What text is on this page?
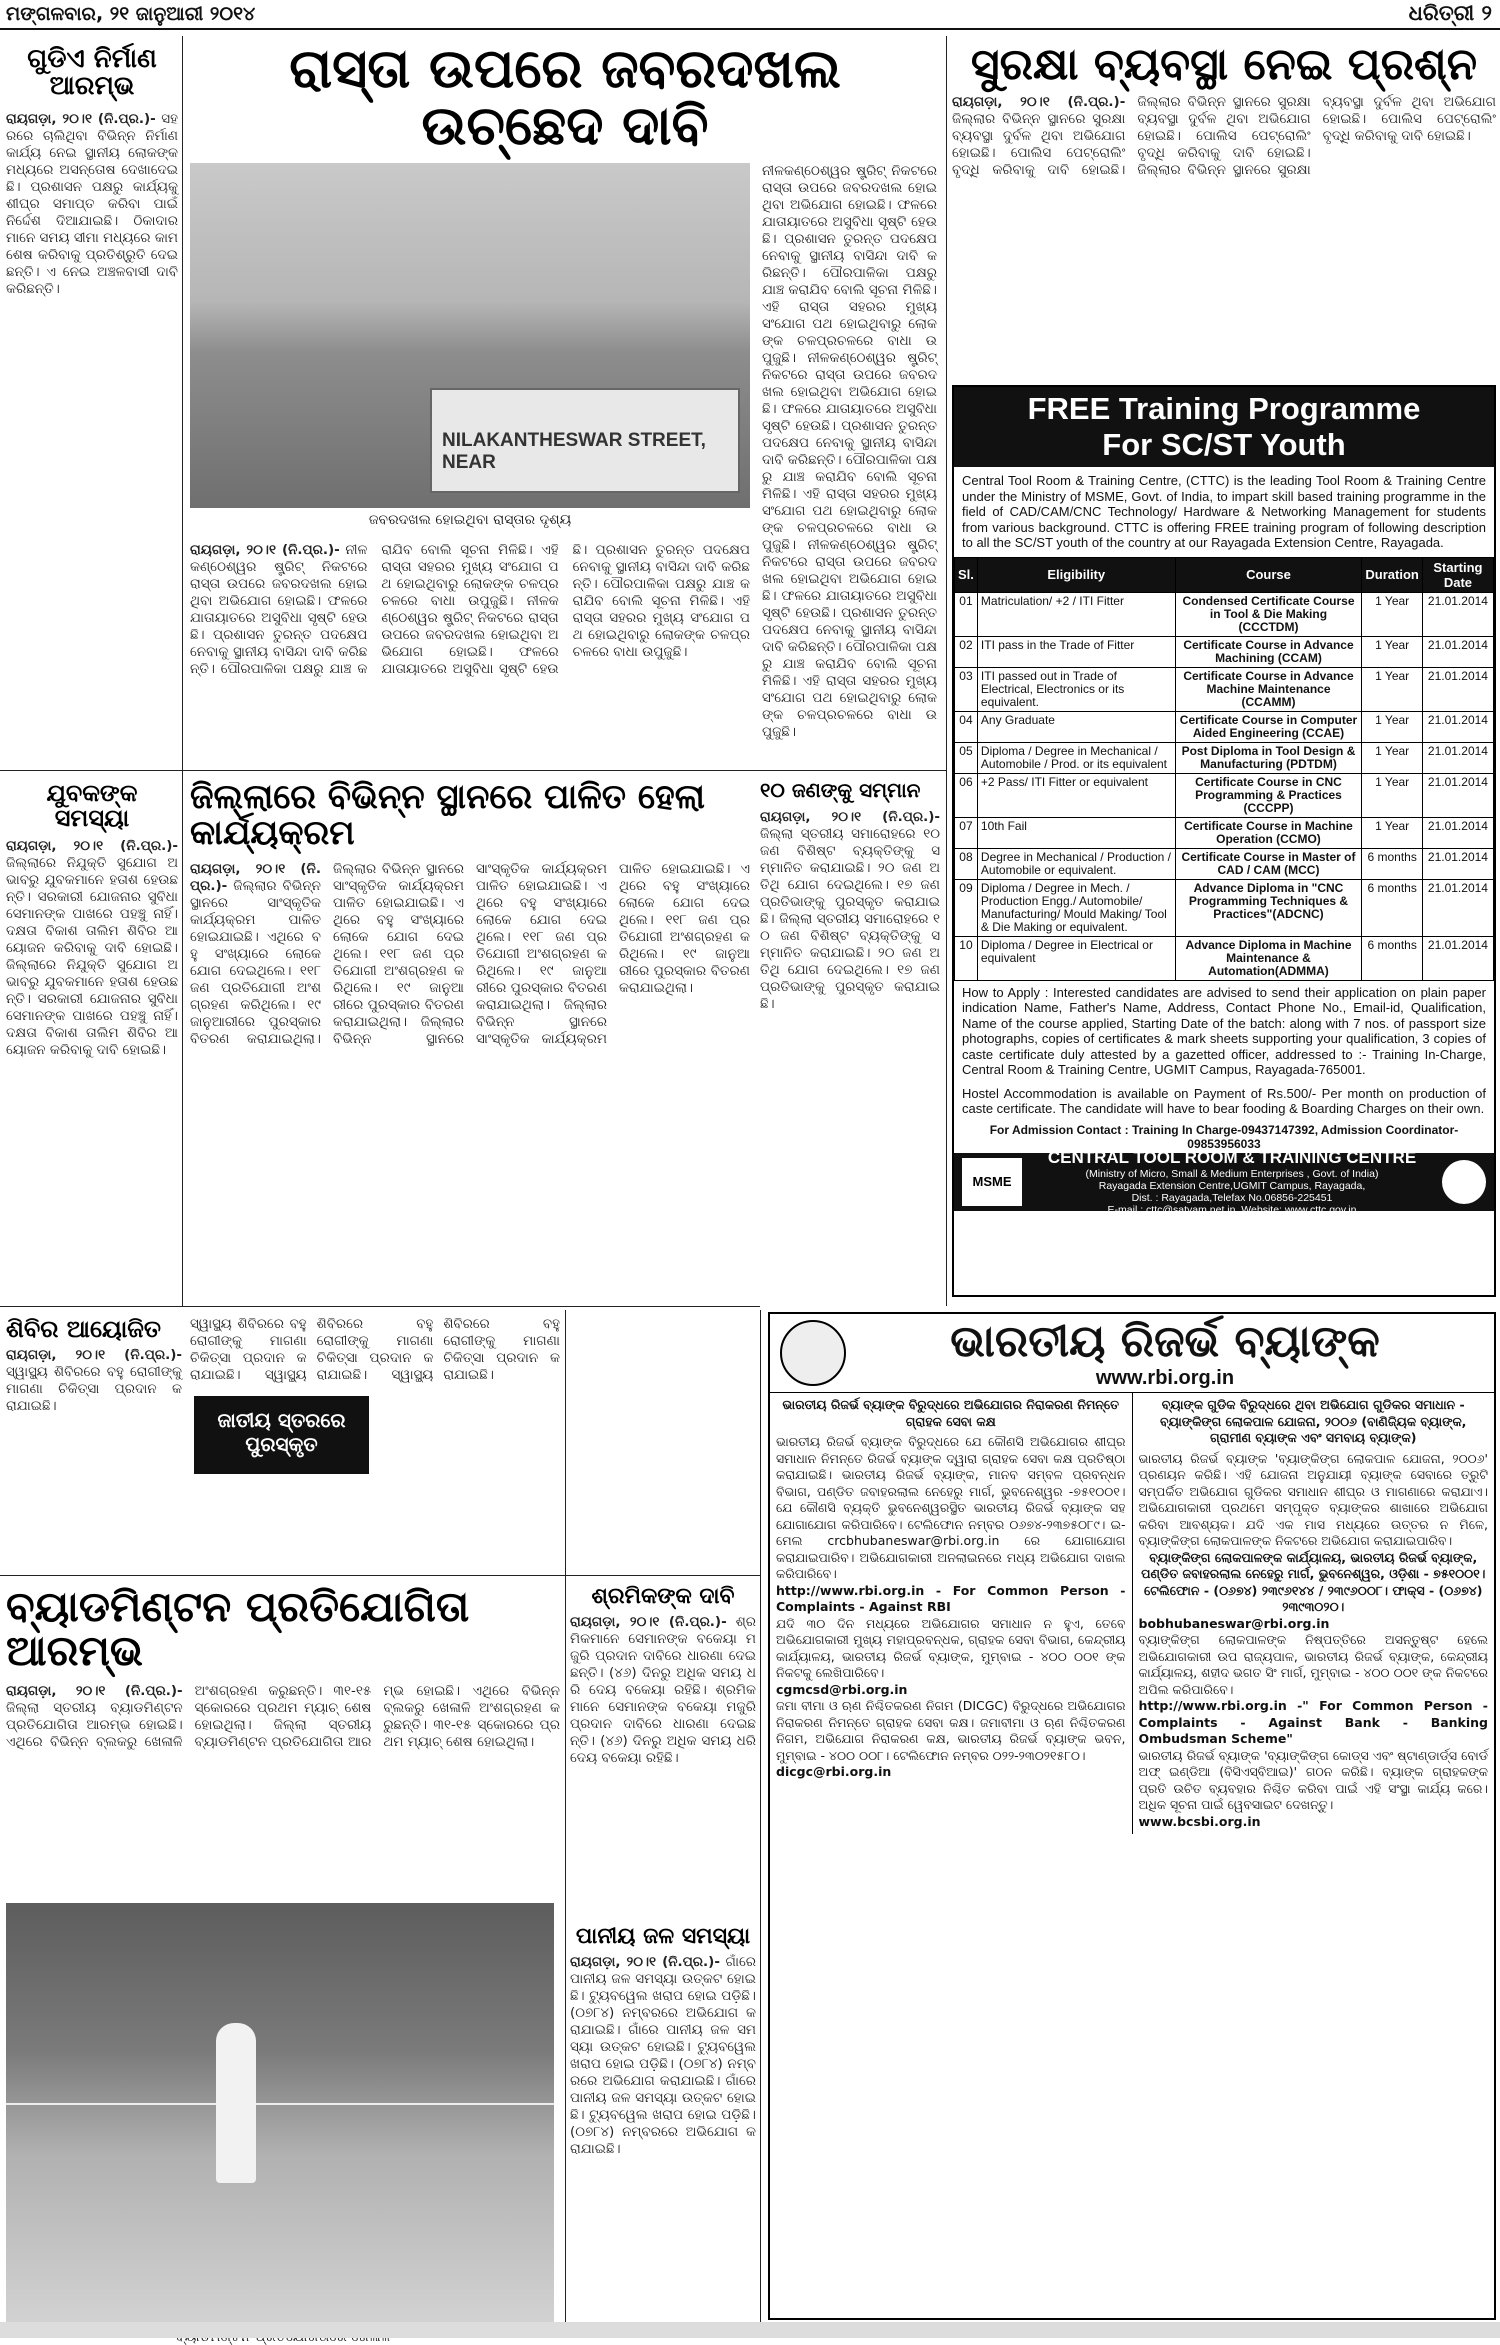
ମଙ୍ଗଳବାର, ୨୧ ଜାନୁଆରୀ ୨୦୧୪	ଧରିତ୍ରୀ ୨
ଗୁଡିଏ ନିର୍ମାଣ ଆରମ୍ଭ
ରାୟଗଡ଼ା, ୨୦।୧ (ନି.ପ୍ର.)- ସହରରେ ଚାଲିଥିବା ବିଭିନ୍ନ ନିର୍ମାଣ କାର୍ଯ୍ୟ ନେଇ ସ୍ଥାନୀୟ ଲୋକଙ୍କ ମଧ୍ୟରେ ଅସନ୍ତୋଷ ଦେଖାଦେଇଛି। ପ୍ରଶାସନ ପକ୍ଷରୁ କାର୍ଯ୍ୟକୁ ଶୀଘ୍ର ସମାପ୍ତ କରିବା ପାଇଁ ନିର୍ଦ୍ଦେଶ ଦିଆଯାଇଛି। ଠିକାଦାରମାନେ ସମୟ ସୀମା ମଧ୍ୟରେ କାମ ଶେଷ କରିବାକୁ ପ୍ରତିଶ୍ରୁତି ଦେଇଛନ୍ତି। ଏ ନେଇ ଅଞ୍ଚଳବାସୀ ଦାବି କରିଛନ୍ତି।
ରାସ୍ତା ଉପରେ ଜବରଦଖଲ ଉଚ୍ଛେଦ ଦାବି
NILAKANTHESWAR STREET, NEAR
ଜବରଦଖଲ ହୋଇଥିବା ରାସ୍ତାର ଦୃଶ୍ୟ
ରାୟଗଡ଼ା, ୨୦।୧ (ନି.ପ୍ର.)- ନୀଳକଣ୍ଠେଶ୍ୱର ଷ୍ଟ୍ରିଟ୍ ନିକଟରେ ରାସ୍ତା ଉପରେ ଜବରଦଖଲ ହୋଇଥିବା ଅଭିଯୋଗ ହୋଇଛି। ଫଳରେ ଯାତାୟାତରେ ଅସୁବିଧା ସୃଷ୍ଟି ହେଉଛି। ପ୍ରଶାସନ ତୁରନ୍ତ ପଦକ୍ଷେପ ନେବାକୁ ସ୍ଥାନୀୟ ବାସିନ୍ଦା ଦାବି କରିଛନ୍ତି। ପୌରପାଳିକା ପକ୍ଷରୁ ଯାଞ୍ଚ କରାଯିବ ବୋଲି ସୂଚନା ମିଳିଛି। ଏହି ରାସ୍ତା ସହରର ମୁଖ୍ୟ ସଂଯୋଗ ପଥ ହୋଇଥିବାରୁ ଲୋକଙ୍କ ଚଳପ୍ରଚଳରେ ବାଧା ଉପୁଜୁଛି। ନୀଳକଣ୍ଠେଶ୍ୱର ଷ୍ଟ୍ରିଟ୍ ନିକଟରେ ରାସ୍ତା ଉପରେ ଜବରଦଖଲ ହୋଇଥିବା ଅଭିଯୋଗ ହୋଇଛି। ଫଳରେ ଯାତାୟାତରେ ଅସୁବିଧା ସୃଷ୍ଟି ହେଉଛି। ପ୍ରଶାସନ ତୁରନ୍ତ ପଦକ୍ଷେପ ନେବାକୁ ସ୍ଥାନୀୟ ବାସିନ୍ଦା ଦାବି କରିଛନ୍ତି। ପୌରପାଳିକା ପକ୍ଷରୁ ଯାଞ୍ଚ କରାଯିବ ବୋଲି ସୂଚନା ମିଳିଛି। ଏହି ରାସ୍ତା ସହରର ମୁଖ୍ୟ ସଂଯୋଗ ପଥ ହୋଇଥିବାରୁ ଲୋକଙ୍କ ଚଳପ୍ରଚଳରେ ବାଧା ଉପୁଜୁଛି।
ନୀଳକଣ୍ଠେଶ୍ୱର ଷ୍ଟ୍ରିଟ୍ ନିକଟରେ ରାସ୍ତା ଉପରେ ଜବରଦଖଲ ହୋଇଥିବା ଅଭିଯୋଗ ହୋଇଛି। ଫଳରେ ଯାତାୟାତରେ ଅସୁବିଧା ସୃଷ୍ଟି ହେଉଛି। ପ୍ରଶାସନ ତୁରନ୍ତ ପଦକ୍ଷେପ ନେବାକୁ ସ୍ଥାନୀୟ ବାସିନ୍ଦା ଦାବି କରିଛନ୍ତି। ପୌରପାଳିକା ପକ୍ଷରୁ ଯାଞ୍ଚ କରାଯିବ ବୋଲି ସୂଚନା ମିଳିଛି। ଏହି ରାସ୍ତା ସହରର ମୁଖ୍ୟ ସଂଯୋଗ ପଥ ହୋଇଥିବାରୁ ଲୋକଙ୍କ ଚଳପ୍ରଚଳରେ ବାଧା ଉପୁଜୁଛି। ନୀଳକଣ୍ଠେଶ୍ୱର ଷ୍ଟ୍ରିଟ୍ ନିକଟରେ ରାସ୍ତା ଉପରେ ଜବରଦଖଲ ହୋଇଥିବା ଅଭିଯୋଗ ହୋଇଛି। ଫଳରେ ଯାତାୟାତରେ ଅସୁବିଧା ସୃଷ୍ଟି ହେଉଛି। ପ୍ରଶାସନ ତୁରନ୍ତ ପଦକ୍ଷେପ ନେବାକୁ ସ୍ଥାନୀୟ ବାସିନ୍ଦା ଦାବି କରିଛନ୍ତି। ପୌରପାଳିକା ପକ୍ଷରୁ ଯାଞ୍ଚ କରାଯିବ ବୋଲି ସୂଚନା ମିଳିଛି। ଏହି ରାସ୍ତା ସହରର ମୁଖ୍ୟ ସଂଯୋଗ ପଥ ହୋଇଥିବାରୁ ଲୋକଙ୍କ ଚଳପ୍ରଚଳରେ ବାଧା ଉପୁଜୁଛି। ନୀଳକଣ୍ଠେଶ୍ୱର ଷ୍ଟ୍ରିଟ୍ ନିକଟରେ ରାସ୍ତା ଉପରେ ଜବରଦଖଲ ହୋଇଥିବା ଅଭିଯୋଗ ହୋଇଛି। ଫଳରେ ଯାତାୟାତରେ ଅସୁବିଧା ସୃଷ୍ଟି ହେଉଛି। ପ୍ରଶାସନ ତୁରନ୍ତ ପଦକ୍ଷେପ ନେବାକୁ ସ୍ଥାନୀୟ ବାସିନ୍ଦା ଦାବି କରିଛନ୍ତି। ପୌରପାଳିକା ପକ୍ଷରୁ ଯାଞ୍ଚ କରାଯିବ ବୋଲି ସୂଚନା ମିଳିଛି। ଏହି ରାସ୍ତା ସହରର ମୁଖ୍ୟ ସଂଯୋଗ ପଥ ହୋଇଥିବାରୁ ଲୋକଙ୍କ ଚଳପ୍ରଚଳରେ ବାଧା ଉପୁଜୁଛି।
ସୁରକ୍ଷା ବ୍ୟବସ୍ଥା ନେଇ ପ୍ରଶ୍ନ
ରାୟଗଡ଼ା, ୨୦।୧ (ନି.ପ୍ର.)- ଜିଲ୍ଲାର ବିଭିନ୍ନ ସ୍ଥାନରେ ସୁରକ୍ଷା ବ୍ୟବସ୍ଥା ଦୁର୍ବଳ ଥିବା ଅଭିଯୋଗ ହୋଇଛି। ପୋଲିସ ପେଟ୍ରୋଲିଂ ବୃଦ୍ଧି କରିବାକୁ ଦାବି ହୋଇଛି। ଜିଲ୍ଲାର ବିଭିନ୍ନ ସ୍ଥାନରେ ସୁରକ୍ଷା ବ୍ୟବସ୍ଥା ଦୁର୍ବଳ ଥିବା ଅଭିଯୋଗ ହୋଇଛି। ପୋଲିସ ପେଟ୍ରୋଲିଂ ବୃଦ୍ଧି କରିବାକୁ ଦାବି ହୋଇଛି। ଜିଲ୍ଲାର ବିଭିନ୍ନ ସ୍ଥାନରେ ସୁରକ୍ଷା ବ୍ୟବସ୍ଥା ଦୁର୍ବଳ ଥିବା ଅଭିଯୋଗ ହୋଇଛି। ପୋଲିସ ପେଟ୍ରୋଲିଂ ବୃଦ୍ଧି କରିବାକୁ ଦାବି ହୋଇଛି।
FREE Training Programme
For SC/ST Youth
Central Tool Room & Training Centre, (CTTC) is the leading Tool Room & Training Centre under the Ministry of MSME, Govt. of India, to impart skill based training programme in the field of CAD/CAM/CNC Technology/ Hardware & Networking Management for students from various background. CTTC is offering FREE training program of following description to all the SC/ST youth of the country at our Rayagada Extension Centre, Rayagada.
Sl.	Eligibility	Course	Duration	Starting Date
01	Matriculation/ +2 / ITI Fitter	Condensed Certificate Course in Tool & Die Making (CCCTDM)	1 Year	21.01.2014
02	ITI pass in the Trade of Fitter	Certificate Course in Advance Machining (CCAM)	1 Year	21.01.2014
03	ITI passed out in Trade of Electrical, Electronics or its equivalent.	Certificate Course in Advance Machine Maintenance (CCAMM)	1 Year	21.01.2014
04	Any Graduate	Certificate Course in Computer Aided Engineering (CCAE)	1 Year	21.01.2014
05	Diploma / Degree in Mechanical / Automobile / Prod. or its equivalent	Post Diploma in Tool Design & Manufacturing (PDTDM)	1 Year	21.01.2014
06	+2 Pass/ ITI Fitter or equivalent	Certificate Course in CNC Programming & Practices (CCCPP)	1 Year	21.01.2014
07	10th Fail	Certificate Course in Machine Operation (CCMO)	1 Year	21.01.2014
08	Degree in Mechanical / Production / Automobile or equivalent.	Certificate Course in Master of CAD / CAM (MCC)	6 months	21.01.2014
09	Diploma / Degree in Mech. / Production Engg./ Automobile/ Manufacturing/ Mould Making/ Tool & Die Making or equivalent.	Advance Diploma in "CNC Programming Techniques & Practices"(ADCNC)	6 months	21.01.2014
10	Diploma / Degree in Electrical or equivalent	Advance Diploma in Machine Maintenance & Automation(ADMMA)	6 months	21.01.2014
How to Apply : Interested candidates are advised to send their application on plain paper indication Name, Father's Name, Address, Contact Phone No., Email-id, Qualification, Name of the course applied, Starting Date of the batch: along with 7 nos. of passport size photographs, copies of certificates & mark sheets supporting your qualification, 3 copies of caste certificate duly attested by a gazetted officer, addressed to :- Training In-Charge, Central Room & Training Centre, UGMIT Campus, Rayagada-765001.
Hostel Accommodation is available on Payment of Rs.500/- Per month on production of caste certificate. The candidate will have to bear fooding & Boarding Charges on their own.
For Admission Contact : Training In Charge-09437147392, Admission Coordinator-09853956033
MSME
CENTRAL TOOL ROOM & TRAINING CENTRE
(Ministry of Micro, Small & Medium Enterprises , Govt. of India)
Rayagada Extension Centre,UGMIT Campus, Rayagada,
Dist. : Rayagada,Telefax No.06856-225451
E-mail : cttc@satyam.net.in, Website: www.cttc.gov.in
ଯୁବକଙ୍କ ସମସ୍ୟା
ରାୟଗଡ଼ା, ୨୦।୧ (ନି.ପ୍ର.)- ଜିଲ୍ଲାରେ ନିଯୁକ୍ତି ସୁଯୋଗ ଅଭାବରୁ ଯୁବକମାନେ ହତାଶ ହେଉଛନ୍ତି। ସରକାରୀ ଯୋଜନାର ସୁବିଧା ସେମାନଙ୍କ ପାଖରେ ପହଞ୍ଚୁ ନାହିଁ। ଦକ୍ଷତା ବିକାଶ ତାଲିମ ଶିବିର ଆୟୋଜନ କରିବାକୁ ଦାବି ହୋଇଛି। ଜିଲ୍ଲାରେ ନିଯୁକ୍ତି ସୁଯୋଗ ଅଭାବରୁ ଯୁବକମାନେ ହତାଶ ହେଉଛନ୍ତି। ସରକାରୀ ଯୋଜନାର ସୁବିଧା ସେମାନଙ୍କ ପାଖରେ ପହଞ୍ଚୁ ନାହିଁ। ଦକ୍ଷତା ବିକାଶ ତାଲିମ ଶିବିର ଆୟୋଜନ କରିବାକୁ ଦାବି ହୋଇଛି।
ଜିଲ୍ଲାରେ ବିଭିନ୍ନ ସ୍ଥାନରେ ପାଳିତ ହେଲା କାର୍ଯ୍ୟକ୍ରମ
ରାୟଗଡ଼ା, ୨୦।୧ (ନି.ପ୍ର.)- ଜିଲ୍ଲାର ବିଭିନ୍ନ ସ୍ଥାନରେ ସାଂସ୍କୃତିକ କାର୍ଯ୍ୟକ୍ରମ ପାଳିତ ହୋଇଯାଇଛି। ଏଥିରେ ବହୁ ସଂଖ୍ୟାରେ ଲୋକେ ଯୋଗ ଦେଇଥିଲେ। ୧୧୮ ଜଣ ପ୍ରତିଯୋଗୀ ଅଂଶଗ୍ରହଣ କରିଥିଲେ। ୧୯ ଜାନୁଆରୀରେ ପୁରସ୍କାର ବିତରଣ କରାଯାଇଥିଲା। ଜିଲ୍ଲାର ବିଭିନ୍ନ ସ୍ଥାନରେ ସାଂସ୍କୃତିକ କାର୍ଯ୍ୟକ୍ରମ ପାଳିତ ହୋଇଯାଇଛି। ଏଥିରେ ବହୁ ସଂଖ୍ୟାରେ ଲୋକେ ଯୋଗ ଦେଇଥିଲେ। ୧୧୮ ଜଣ ପ୍ରତିଯୋଗୀ ଅଂଶଗ୍ରହଣ କରିଥିଲେ। ୧୯ ଜାନୁଆରୀରେ ପୁରସ୍କାର ବିତରଣ କରାଯାଇଥିଲା। ଜିଲ୍ଲାର ବିଭିନ୍ନ ସ୍ଥାନରେ ସାଂସ୍କୃତିକ କାର୍ଯ୍ୟକ୍ରମ ପାଳିତ ହୋଇଯାଇଛି। ଏଥିରେ ବହୁ ସଂଖ୍ୟାରେ ଲୋକେ ଯୋଗ ଦେଇଥିଲେ। ୧୧୮ ଜଣ ପ୍ରତିଯୋଗୀ ଅଂଶଗ୍ରହଣ କରିଥିଲେ। ୧୯ ଜାନୁଆରୀରେ ପୁରସ୍କାର ବିତରଣ କରାଯାଇଥିଲା। ଜିଲ୍ଲାର ବିଭିନ୍ନ ସ୍ଥାନରେ ସାଂସ୍କୃତିକ କାର୍ଯ୍ୟକ୍ରମ ପାଳିତ ହୋଇଯାଇଛି। ଏଥିରେ ବହୁ ସଂଖ୍ୟାରେ ଲୋକେ ଯୋଗ ଦେଇଥିଲେ। ୧୧୮ ଜଣ ପ୍ରତିଯୋଗୀ ଅଂଶଗ୍ରହଣ କରିଥିଲେ। ୧୯ ଜାନୁଆରୀରେ ପୁରସ୍କାର ବିତରଣ କରାଯାଇଥିଲା।
୧୦ ଜଣଙ୍କୁ ସମ୍ମାନ
ରାୟଗଡ଼ା, ୨୦।୧ (ନି.ପ୍ର.)- ଜିଲ୍ଲା ସ୍ତରୀୟ ସମାରୋହରେ ୧୦ ଜଣ ବିଶିଷ୍ଟ ବ୍ୟକ୍ତିଙ୍କୁ ସମ୍ମାନିତ କରାଯାଇଛି। ୨୦ ଜଣ ଅତିଥି ଯୋଗ ଦେଇଥିଲେ। ୧୭ ଜଣ ପ୍ରତିଭାଙ୍କୁ ପୁରସ୍କୃତ କରାଯାଇଛି। ଜିଲ୍ଲା ସ୍ତରୀୟ ସମାରୋହରେ ୧୦ ଜଣ ବିଶିଷ୍ଟ ବ୍ୟକ୍ତିଙ୍କୁ ସମ୍ମାନିତ କରାଯାଇଛି। ୨୦ ଜଣ ଅତିଥି ଯୋଗ ଦେଇଥିଲେ। ୧୭ ଜଣ ପ୍ରତିଭାଙ୍କୁ ପୁରସ୍କୃତ କରାଯାଇଛି।
ଶିବିର ଆୟୋଜିତ
ରାୟଗଡ଼ା, ୨୦।୧ (ନି.ପ୍ର.)- ସ୍ୱାସ୍ଥ୍ୟ ଶିବିରରେ ବହୁ ରୋଗୀଙ୍କୁ ମାଗଣା ଚିକିତ୍ସା ପ୍ରଦାନ କରାଯାଇଛି।
ସ୍ୱାସ୍ଥ୍ୟ ଶିବିରରେ ବହୁ ରୋଗୀଙ୍କୁ ମାଗଣା ଚିକିତ୍ସା ପ୍ରଦାନ କରାଯାଇଛି। ସ୍ୱାସ୍ଥ୍ୟ ଶିବିରରେ ବହୁ ରୋଗୀଙ୍କୁ ମାଗଣା ଚିକିତ୍ସା ପ୍ରଦାନ କରାଯାଇଛି। ସ୍ୱାସ୍ଥ୍ୟ ଶିବିରରେ ବହୁ ରୋଗୀଙ୍କୁ ମାଗଣା ଚିକିତ୍ସା ପ୍ରଦାନ କରାଯାଇଛି।
ଜାତୀୟ ସ୍ତରରେ ପୁରସ୍କୃତ
ବ୍ୟାଡମିଣ୍ଟନ ପ୍ରତିଯୋଗିତା ଆରମ୍ଭ
ରାୟଗଡ଼ା, ୨୦।୧ (ନି.ପ୍ର.)- ଜିଲ୍ଲା ସ୍ତରୀୟ ବ୍ୟାଡମିଣ୍ଟନ ପ୍ରତିଯୋଗିତା ଆରମ୍ଭ ହୋଇଛି। ଏଥିରେ ବିଭିନ୍ନ ବ୍ଲକରୁ ଖେଳାଳି ଅଂଶଗ୍ରହଣ କରୁଛନ୍ତି। ୩୧-୧୫ ସ୍କୋରରେ ପ୍ରଥମ ମ୍ୟାଚ୍ ଶେଷ ହୋଇଥିଲା। ଜିଲ୍ଲା ସ୍ତରୀୟ ବ୍ୟାଡମିଣ୍ଟନ ପ୍ରତିଯୋଗିତା ଆରମ୍ଭ ହୋଇଛି। ଏଥିରେ ବିଭିନ୍ନ ବ୍ଲକରୁ ଖେଳାଳି ଅଂଶଗ୍ରହଣ କରୁଛନ୍ତି। ୩୧-୧୫ ସ୍କୋରରେ ପ୍ରଥମ ମ୍ୟାଚ୍ ଶେଷ ହୋଇଥିଲା।
ଶ୍ରମିକଙ୍କ ଦାବି
ରାୟଗଡ଼ା, ୨୦।୧ (ନି.ପ୍ର.)- ଶ୍ରମିକମାନେ ସେମାନଙ୍କ ବକେୟା ମଜୁରି ପ୍ରଦାନ ଦାବିରେ ଧାରଣା ଦେଇଛନ୍ତି। (୪୬) ଦିନରୁ ଅଧିକ ସମୟ ଧରି ଦେୟ ବକେୟା ରହିଛି। ଶ୍ରମିକମାନେ ସେମାନଙ୍କ ବକେୟା ମଜୁରି ପ୍ରଦାନ ଦାବିରେ ଧାରଣା ଦେଇଛନ୍ତି। (୪୬) ଦିନରୁ ଅଧିକ ସମୟ ଧରି ଦେୟ ବକେୟା ରହିଛି।
ପାନୀୟ ଜଳ ସମସ୍ୟା
ରାୟଗଡ଼ା, ୨୦।୧ (ନି.ପ୍ର.)- ଗାଁରେ ପାନୀୟ ଜଳ ସମସ୍ୟା ଉତ୍କଟ ହୋଇଛି। ଟ୍ୟୁବୱେଲ ଖରାପ ହୋଇ ପଡ଼ିଛି। (୦୭୮୪) ନମ୍ବରରେ ଅଭିଯୋଗ କରାଯାଇଛି। ଗାଁରେ ପାନୀୟ ଜଳ ସମସ୍ୟା ଉତ୍କଟ ହୋଇଛି। ଟ୍ୟୁବୱେଲ ଖରାପ ହୋଇ ପଡ଼ିଛି। (୦୭୮୪) ନମ୍ବରରେ ଅଭିଯୋଗ କରାଯାଇଛି। ଗାଁରେ ପାନୀୟ ଜଳ ସମସ୍ୟା ଉତ୍କଟ ହୋଇଛି। ଟ୍ୟୁବୱେଲ ଖରାପ ହୋଇ ପଡ଼ିଛି। (୦୭୮୪) ନମ୍ବରରେ ଅଭିଯୋଗ କରାଯାଇଛି।
ଭାରତୀୟ ରିଜର୍ଭ ବ୍ୟାଙ୍କ
www.rbi.org.in
ଭାରତୀୟ ରିଜର୍ଭ ବ୍ୟାଙ୍କ ବିରୁଦ୍ଧରେ ଅଭିଯୋଗର ନିରାକରଣ ନିମନ୍ତେ ଗ୍ରାହକ ସେବା କକ୍ଷ
ଭାରତୀୟ ରିଜର୍ଭ ବ୍ୟାଙ୍କ ବିରୁଦ୍ଧରେ ଯେ କୌଣସି ଅଭିଯୋଗର ଶୀଘ୍ର ସମାଧାନ ନିମନ୍ତେ ରିଜର୍ଭ ବ୍ୟାଙ୍କ ଦ୍ୱାରା ଗ୍ରାହକ ସେବା କକ୍ଷ ପ୍ରତିଷ୍ଠା କରାଯାଇଛି। ଭାରତୀୟ ରିଜର୍ଭ ବ୍ୟାଙ୍କ, ମାନବ ସମ୍ବଳ ପ୍ରବନ୍ଧନ ବିଭାଗ, ପଣ୍ଡିତ ଜବାହରଲାଲ ନେହେରୁ ମାର୍ଗ, ଭୁବନେଶ୍ୱର -୭୫୧୦୦୧। ଯେ କୌଣସି ବ୍ୟକ୍ତି ଭୁବନେଶ୍ୱରସ୍ଥିତ ଭାରତୀୟ ରିଜର୍ଭ ବ୍ୟାଙ୍କ ସହ ଯୋଗାଯୋଗ କରିପାରିବେ। ଟେଲିଫୋନ ନମ୍ବର ୦୬୭୪-୨୩୭୫୦୮୯। ଇ-ମେଲ crcbhubaneswar@rbi.org.in ରେ ଯୋଗାଯୋଗ କରାଯାଇପାରିବ। ଅଭିଯୋଗକାରୀ ଅନଲାଇନରେ ମଧ୍ୟ ଅଭିଯୋଗ ଦାଖଲ କରିପାରିବେ।
http://www.rbi.org.in - For Common Person - Complaints - Against RBI
ଯଦି ୩୦ ଦିନ ମଧ୍ୟରେ ଅଭିଯୋଗର ସମାଧାନ ନ ହୁଏ, ତେବେ ଅଭିଯୋଗକାରୀ ମୁଖ୍ୟ ମହାପ୍ରବନ୍ଧକ, ଗ୍ରାହକ ସେବା ବିଭାଗ, କେନ୍ଦ୍ରୀୟ କାର୍ଯ୍ୟାଳୟ, ଭାରତୀୟ ରିଜର୍ଭ ବ୍ୟାଙ୍କ, ମୁମ୍ବାଇ - ୪୦୦ ୦୦୧ ଙ୍କ ନିକଟକୁ ଲେଖିପାରିବେ।
cgmcsd@rbi.org.in
ଜମା ବୀମା ଓ ଋଣ ନିଶ୍ଚିତକରଣ ନିଗମ (DICGC) ବିରୁଦ୍ଧରେ ଅଭିଯୋଗର ନିରାକରଣ ନିମନ୍ତେ ଗ୍ରାହକ ସେବା କକ୍ଷ। ଜମାବୀମା ଓ ଋଣ ନିଶ୍ଚିତକରଣ ନିଗମ, ଅଭିଯୋଗ ନିରାକରଣ କକ୍ଷ, ଭାରତୀୟ ରିଜର୍ଭ ବ୍ୟାଙ୍କ ଭବନ, ମୁମ୍ବାଇ - ୪୦୦ ୦୦୮। ଟେଲିଫୋନ ନମ୍ବର ୦୨୨-୨୩୦୨୧୫୮୦।
dicgc@rbi.org.in
ବ୍ୟାଙ୍କ ଗୁଡିକ ବିରୁଦ୍ଧରେ ଥିବା ଅଭିଯୋଗ ଗୁଡିକର ସମାଧାନ - ବ୍ୟାଙ୍କିଙ୍ଗ ଲୋକପାଳ ଯୋଜନା, ୨୦୦୬ (ବାଣିଜ୍ୟିକ ବ୍ୟାଙ୍କ, ଗ୍ରାମୀଣ ବ୍ୟାଙ୍କ ଏବଂ ସମବାୟ ବ୍ୟାଙ୍କ)
ଭାରତୀୟ ରିଜର୍ଭ ବ୍ୟାଙ୍କ 'ବ୍ୟାଙ୍କିଙ୍ଗ ଲୋକପାଳ ଯୋଜନା, ୨୦୦୬' ପ୍ରଣୟନ କରିଛି। ଏହି ଯୋଜନା ଅନୁଯାୟୀ ବ୍ୟାଙ୍କ ସେବାରେ ତ୍ରୁଟି ସମ୍ପର୍କିତ ଅଭିଯୋଗ ଗୁଡିକର ସମାଧାନ ଶୀଘ୍ର ଓ ମାଗଣାରେ କରାଯାଏ। ଅଭିଯୋଗକାରୀ ପ୍ରଥମେ ସମ୍ପୃକ୍ତ ବ୍ୟାଙ୍କର ଶାଖାରେ ଅଭିଯୋଗ କରିବା ଆବଶ୍ୟକ। ଯଦି ଏକ ମାସ ମଧ୍ୟରେ ଉତ୍ତର ନ ମିଳେ, ବ୍ୟାଙ୍କିଙ୍ଗ ଲୋକପାଳଙ୍କ ନିକଟରେ ଅଭିଯୋଗ କରାଯାଇପାରିବ।
ବ୍ୟାଙ୍କିଙ୍ଗ ଲୋକପାଳଙ୍କ କାର୍ଯ୍ୟାଳୟ, ଭାରତୀୟ ରିଜର୍ଭ ବ୍ୟାଙ୍କ, ପଣ୍ଡିତ ଜବାହରଲାଲ ନେହେରୁ ମାର୍ଗ, ଭୁବନେଶ୍ୱର, ଓଡ଼ିଶା - ୭୫୧୦୦୧। ଟେଲିଫୋନ - (୦୬୭୪) ୨୩୯୬୧୪୪ / ୨୩୯୬୦୦୮। ଫାକ୍ସ - (୦୬୭୪) ୨୩୯୩୦୨୦।
bobhubaneswar@rbi.org.in
ବ୍ୟାଙ୍କିଙ୍ଗ ଲୋକପାଳଙ୍କ ନିଷ୍ପତ୍ତିରେ ଅସନ୍ତୁଷ୍ଟ ହେଲେ ଅଭିଯୋଗକାରୀ ଉପ ରାଜ୍ୟପାଳ, ଭାରତୀୟ ରିଜର୍ଭ ବ୍ୟାଙ୍କ, କେନ୍ଦ୍ରୀୟ କାର୍ଯ୍ୟାଳୟ, ଶହୀଦ ଭଗତ ସିଂ ମାର୍ଗ, ମୁମ୍ବାଇ - ୪୦୦ ୦୦୧ ଙ୍କ ନିକଟରେ ଅପିଲ କରିପାରିବେ।
http://www.rbi.org.in -" For Common Person - Complaints - Against Bank - Banking Ombudsman Scheme"
ଭାରତୀୟ ରିଜର୍ଭ ବ୍ୟାଙ୍କ 'ବ୍ୟାଙ୍କିଙ୍ଗ କୋଡ୍ସ ଏବଂ ଷ୍ଟାଣ୍ଡାର୍ଡ୍ସ ବୋର୍ଡ ଅଫ୍ ଇଣ୍ଡିଆ (ବିସିଏସ୍‌ବିଆଇ)' ଗଠନ କରିଛି। ବ୍ୟାଙ୍କ ଗ୍ରାହକଙ୍କ ପ୍ରତି ଉଚିତ ବ୍ୟବହାର ନିଶ୍ଚିତ କରିବା ପାଇଁ ଏହି ସଂସ୍ଥା କାର୍ଯ୍ୟ କରେ। ଅଧିକ ସୂଚନା ପାଇଁ ୱେବସାଇଟ ଦେଖନ୍ତୁ।
www.bcsbi.org.in
